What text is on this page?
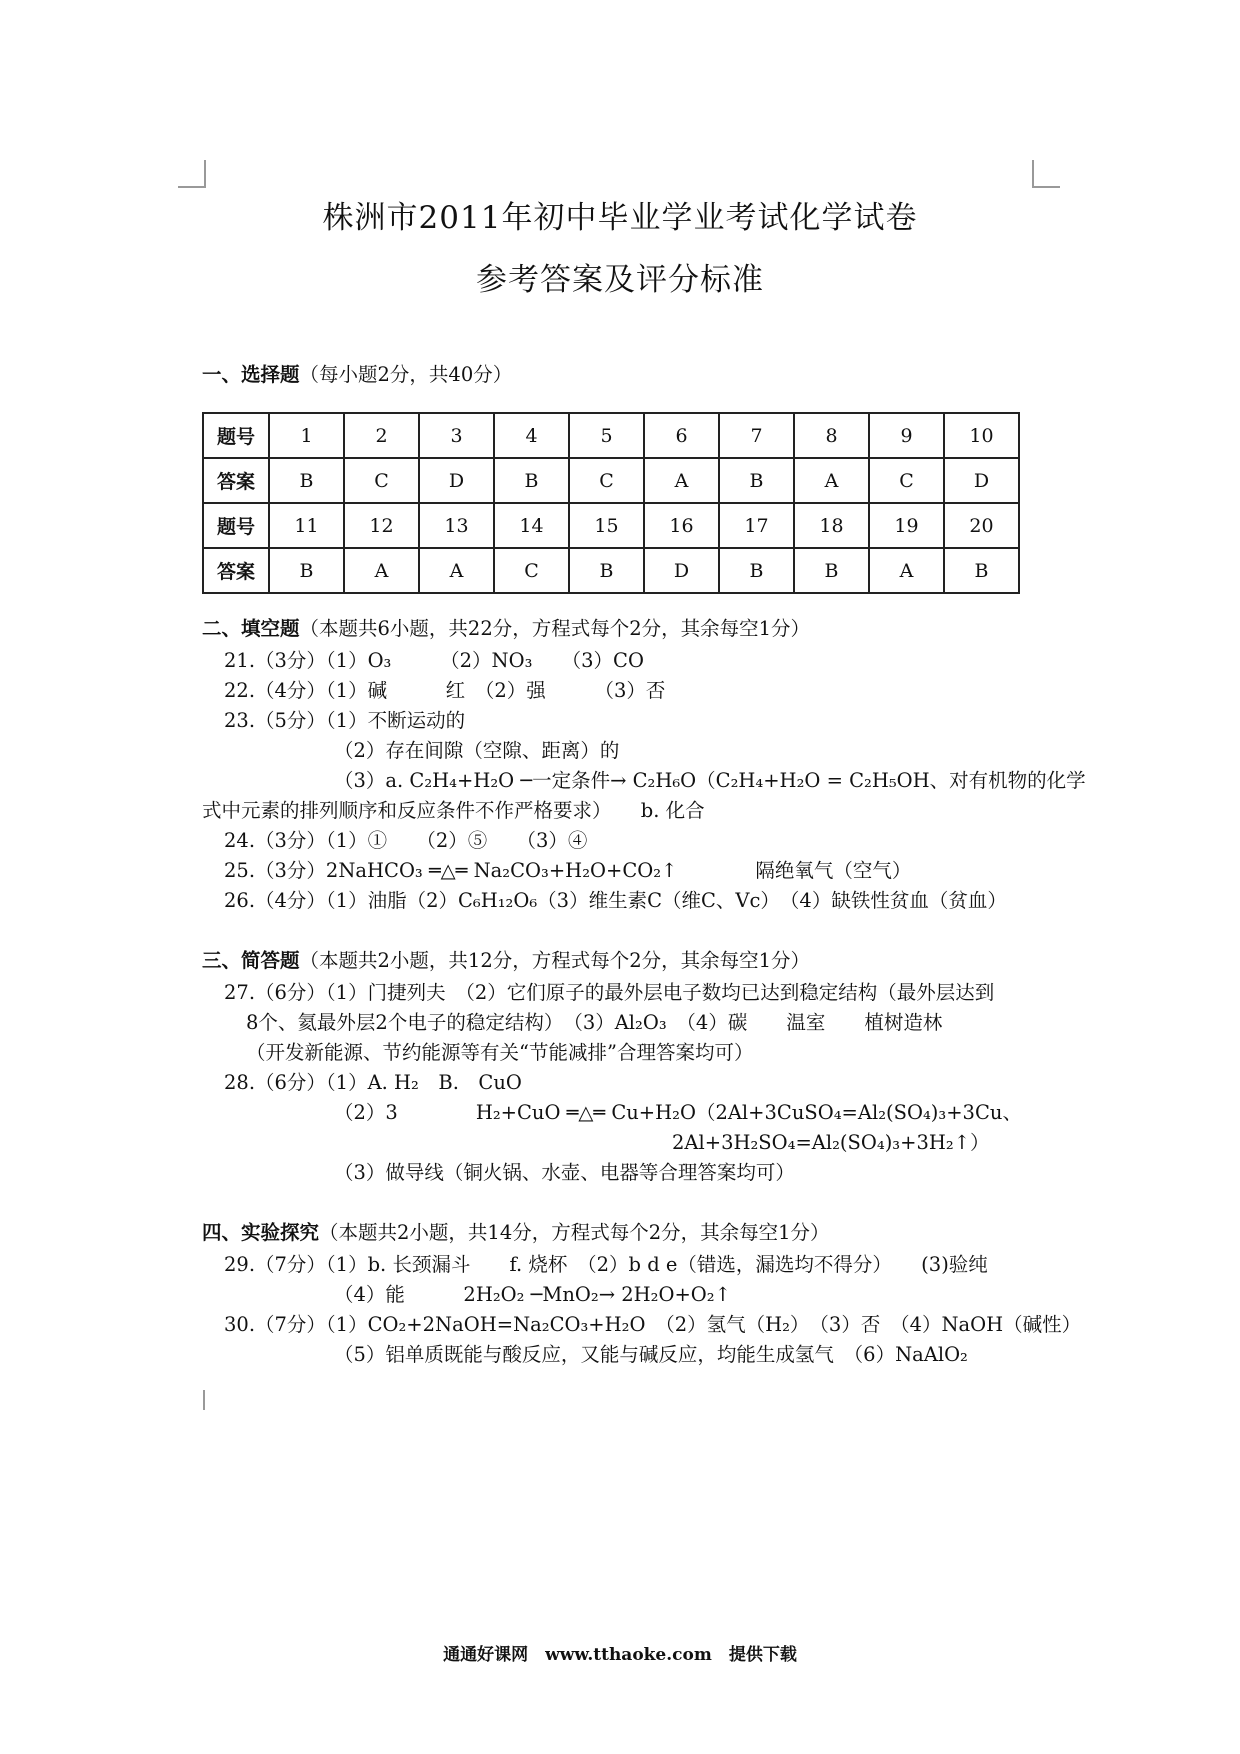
株洲市2011年初中毕业学业考试化学试卷
参考答案及评分标准
一、选择题（每小题2分，共40分）
题号	1	2	3	4	5	6	7	8	9	10
答案	B	C	D	B	C	A	B	A	C	D
题号	11	12	13	14	15	16	17	18	19	20
答案	B	A	A	C	B	D	B	B	A	B
二、填空题（本题共6小题，共22分，方程式每个2分，其余每空1分）
21.（3分）（1）O₃　　　（2）NO₃　　（3）CO
22.（4分）（1）碱　　　红　（2）强　　　（3）否
23.（5分）（1）不断运动的
（2）存在间隙（空隙、距离）的
（3）a. C₂H₄+H₂O ─一定条件→ C₂H₆O（C₂H₄+H₂O = C₂H₅OH、对有机物的化学
式中元素的排列顺序和反应条件不作严格要求）　　b. 化合
24.（3分）（1）①　　（2）⑤　　（3）④
25.（3分）2NaHCO₃ ═△═ Na₂CO₃+H₂O+CO₂↑　　　　隔绝氧气（空气）
26.（4分）（1）油脂（2）C₆H₁₂O₆（3）维生素C（维C、Vc）　（4）缺铁性贫血（贫血）
三、简答题（本题共2小题，共12分，方程式每个2分，其余每空1分）
27.（6分）（1）门捷列夫　（2）它们原子的最外层电子数均已达到稳定结构（最外层达到
8个、氦最外层2个电子的稳定结构）　（3）Al₂O₃　（4）碳　　温室　　植树造林
（开发新能源、节约能源等有关“节能减排”合理答案均可）
28.（6分）（1）A. H₂　B.　CuO
（2）3　　　　H₂+CuO ═△═ Cu+H₂O（2Al+3CuSO₄=Al₂(SO₄)₃+3Cu、
2Al+3H₂SO₄=Al₂(SO₄)₃+3H₂↑）
（3）做导线（铜火锅、水壶、电器等合理答案均可）
四、实验探究（本题共2小题，共14分，方程式每个2分，其余每空1分）
29.（7分）（1）b. 长颈漏斗　　f. 烧杯　（2）b d e（错选，漏选均不得分）　　(3)验纯
（4）能　　　2H₂O₂ ─MnO₂→ 2H₂O+O₂↑
30.（7分）（1）CO₂+2NaOH=Na₂CO₃+H₂O　（2）氢气（H₂）　（3）否　（4）NaOH（碱性）
（5）铝单质既能与酸反应，又能与碱反应，均能生成氢气　（6）NaAlO₂
通通好课网　www.tthaoke.com　提供下载
